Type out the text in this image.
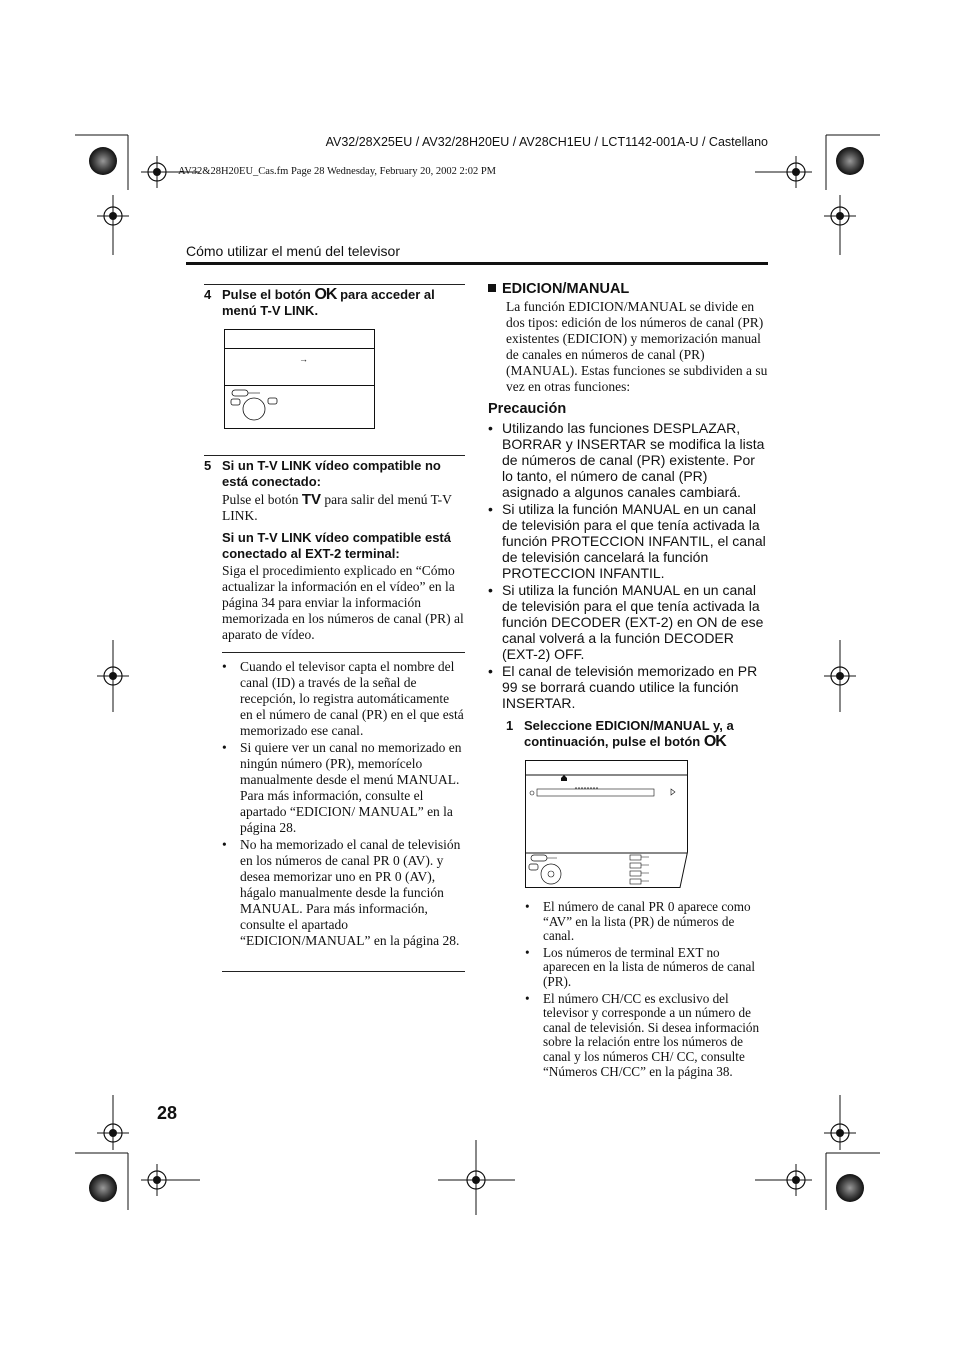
AV32/28X25EU / AV32/28H20EU / AV28CH1EU / LCT1142-001A-U / Castellano
AV32&28H20EU_Cas.fm Page 28 Wednesday, February 20, 2002 2:02 PM
Cómo utilizar el menú del televisor
4 Pulse el botón OK para acceder al menú T-V LINK.
→
5 Si un T-V LINK vídeo compatible no está conectado:
Pulse el botón TV para salir del menú T-V LINK.
Si un T-V LINK vídeo compatible está conectado al EXT-2 terminal:
Siga el procedimiento explicado en “Cómo actualizar la información en el vídeo” en la página 34 para enviar la información memorizada en los números de canal (PR) al aparato de vídeo.
• Cuando el televisor capta el nombre del canal (ID) a través de la señal de recepción, lo registra automáticamente en el número de canal (PR) en el que está memorizado ese canal.
• Si quiere ver un canal no memorizado en ningún número (PR), memorícelo manualmente desde el menú MANUAL. Para más información, consulte el apartado “EDICION/ MANUAL” en la página 28.
• No ha memorizado el canal de televisión en los números de canal PR 0 (AV). y desea memorizar uno en PR 0 (AV), hágalo manualmente desde la función MANUAL. Para más información, consulte el apartado “EDICION/MANUAL” en la página 28.
EDICION/MANUAL
La función EDICION/MANUAL se divide en dos tipos: edición de los números de canal (PR) existentes (EDICION) y memorización manual de canales en números de canal (PR) (MANUAL). Estas funciones se subdividen a su vez en otras funciones:
Precaución
• Utilizando las funciones DESPLAZAR, BORRAR y INSERTAR se modifica la lista de números de canal (PR) existente. Por lo tanto, el número de canal (PR) asignado a algunos canales cambiará.
• Si utiliza la función MANUAL en un canal de televisión para el que tenía activada la función PROTECCION INFANTIL, el canal de televisión cancelará la función PROTECCION INFANTIL.
• Si utiliza la función MANUAL en un canal de televisión para el que tenía activada la función DECODER (EXT-2) en ON de ese canal volverá a la función DECODER (EXT-2) OFF.
• El canal de televisión memorizado en PR 99 se borrará cuando utilice la función INSERTAR.
1 Seleccione EDICION/MANUAL y, a continuación, pulse el botón OK
• El número de canal PR 0 aparece como “AV” en la lista (PR) de números de canal.
• Los números de terminal EXT no aparecen en la lista de números de canal (PR).
• El número CH/CC es exclusivo del televisor y corresponde a un número de canal de televisión. Si desea información sobre la relación entre los números de canal y los números CH/ CC, consulte “Números CH/CC” en la página 38.
28
